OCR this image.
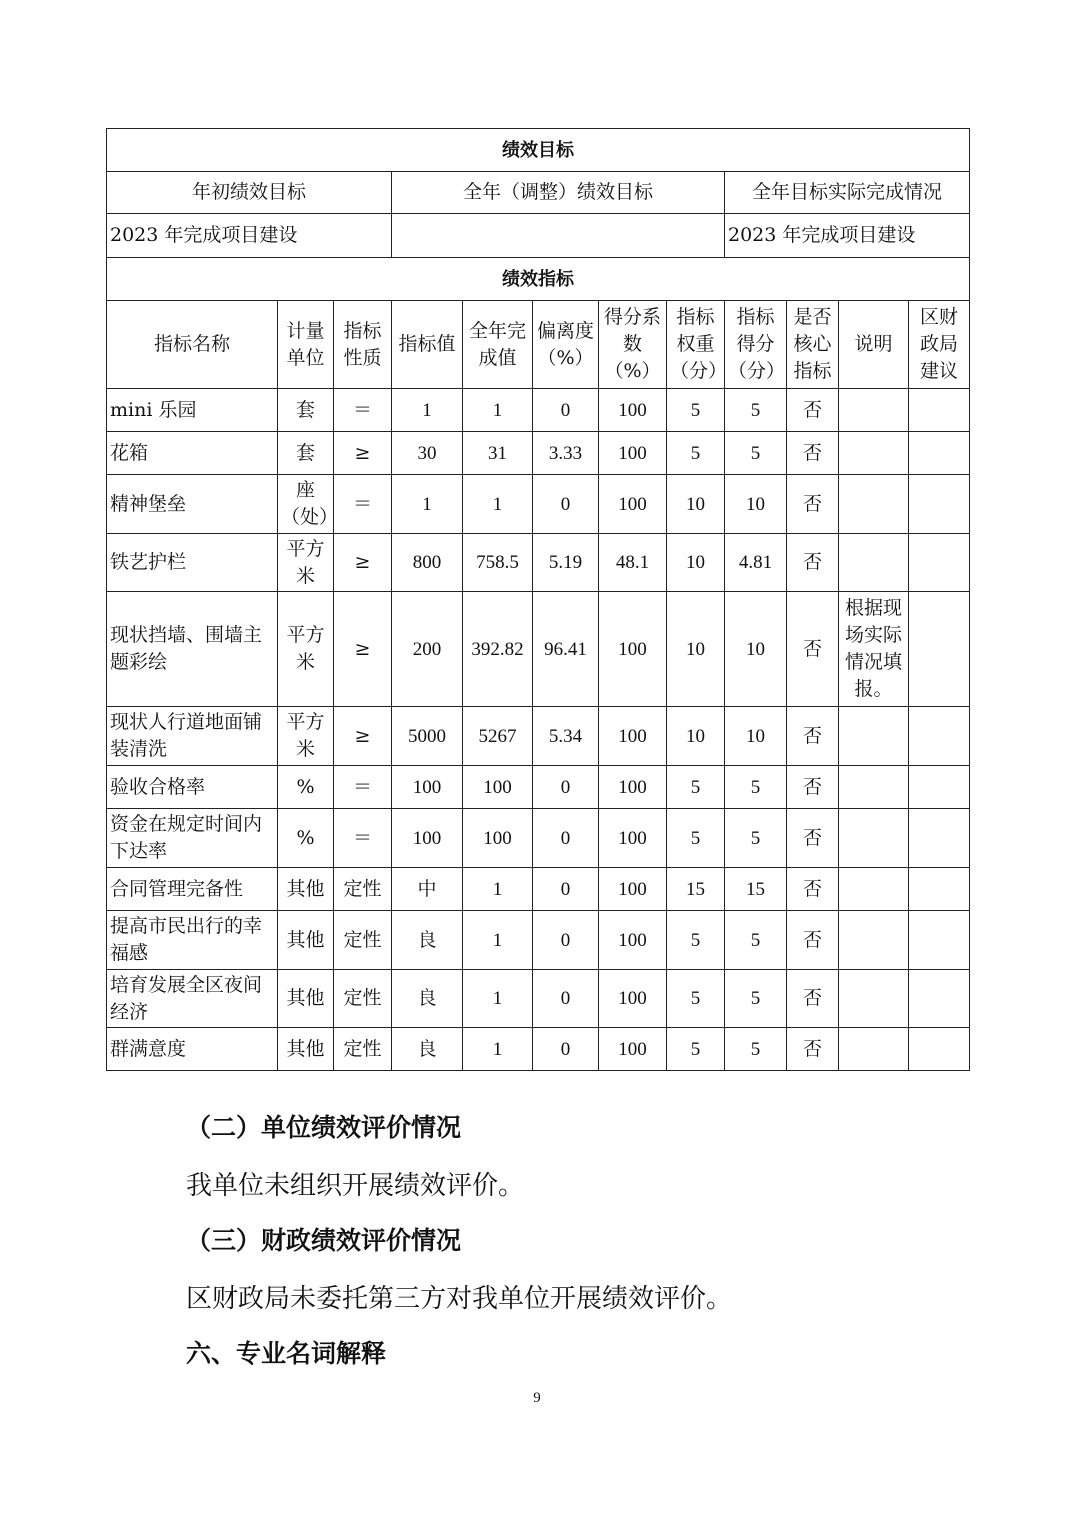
绩效目标											
年初绩效目标			全年（调整）绩效目标					全年目标实际完成情况			
2023 年完成项目建设								2023 年完成项目建设			
绩效指标											
指标名称	计量单位	指标性质	指标值	全年完成值	偏离度（%）	得分系数（%）	指标权重（分）	指标得分（分）	是否核心指标	说明	区财政局建议
mini 乐园	套	＝	1	1	0	100	5	5	否		
花箱	套	≥	30	31	3.33	100	5	5	否		
精神堡垒	座（处）	＝	1	1	0	100	10	10	否		
铁艺护栏	平方米	≥	800	758.5	5.19	48.1	10	4.81	否		
现状挡墙、围墙主题彩绘	平方米	≥	200	392.82	96.41	100	10	10	否	根据现场实际情况填报。	
现状人行道地面铺装清洗	平方米	≥	5000	5267	5.34	100	10	10	否		
验收合格率	%	＝	100	100	0	100	5	5	否		
资金在规定时间内下达率	%	＝	100	100	0	100	5	5	否		
合同管理完备性	其他	定性	中	1	0	100	15	15	否		
提高市民出行的幸福感	其他	定性	良	1	0	100	5	5	否		
培育发展全区夜间经济	其他	定性	良	1	0	100	5	5	否		
群满意度	其他	定性	良	1	0	100	5	5	否		
（二）单位绩效评价情况
我单位未组织开展绩效评价。
（三）财政绩效评价情况
区财政局未委托第三方对我单位开展绩效评价。
六、专业名词解释
9
